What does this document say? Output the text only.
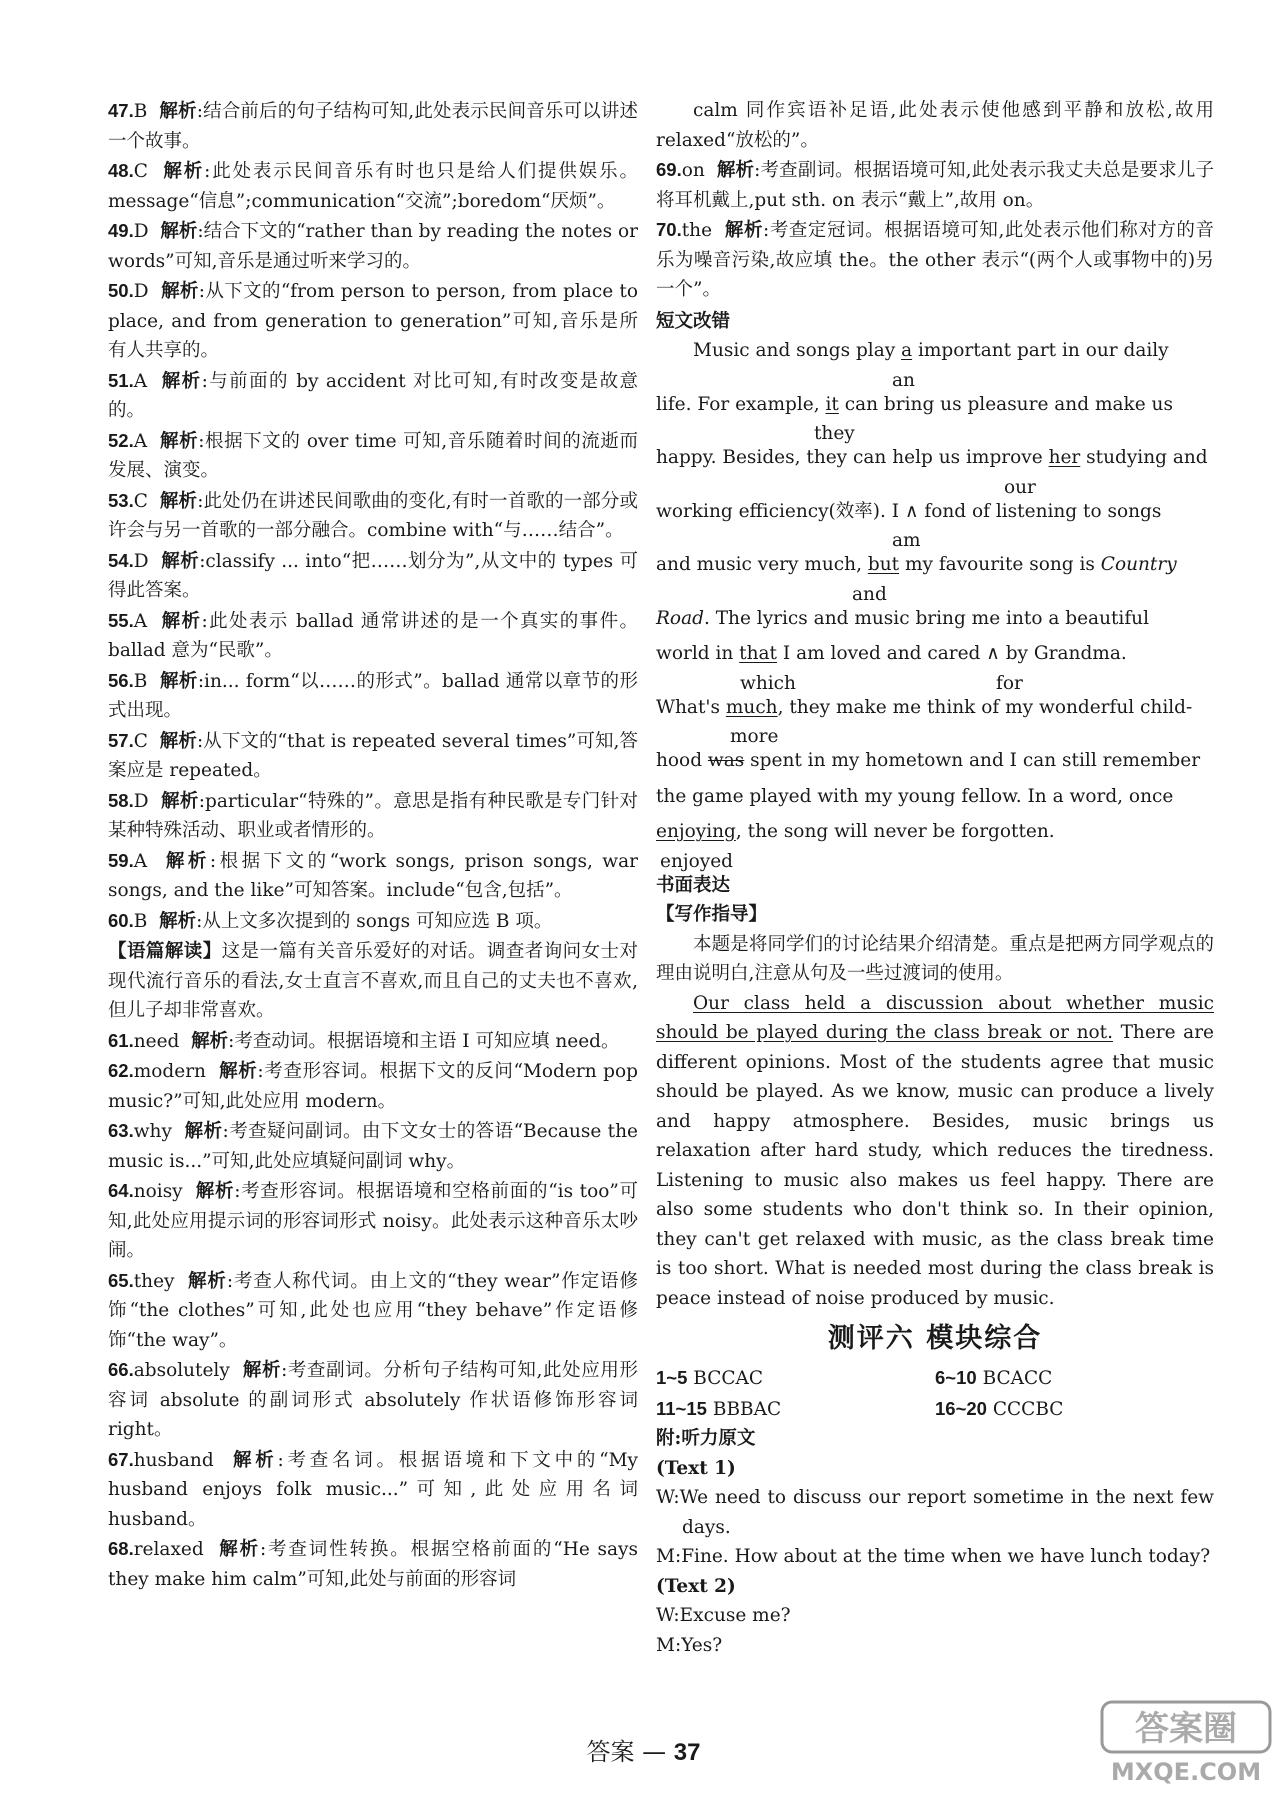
47.B 解析:结合前后的句子结构可知,此处表示民间音乐可以讲述一个故事。

48.C 解析:此处表示民间音乐有时也只是给人们提供娱乐。message“信息”;communication“交流”;boredom“厌烦”。

49.D 解析:结合下文的“rather than by reading the notes or words”可知,音乐是通过听来学习的。

50.D 解析:从下文的“from person to person, from place to place, and from generation to generation”可知,音乐是所有人共享的。

51.A 解析:与前面的 by accident 对比可知,有时改变是故意的。

52.A 解析:根据下文的 over time 可知,音乐随着时间的流逝而发展、演变。

53.C 解析:此处仍在讲述民间歌曲的变化,有时一首歌的一部分或许会与另一首歌的一部分融合。combine with“与……结合”。

54.D 解析:classify ... into“把……划分为”,从文中的 types 可得此答案。

55.A 解析:此处表示 ballad 通常讲述的是一个真实的事件。ballad 意为“民歌”。

56.B 解析:in... form“以……的形式”。ballad 通常以章节的形式出现。

57.C 解析:从下文的“that is repeated several times”可知,答案应是 repeated。

58.D 解析:particular“特殊的”。意思是指有种民歌是专门针对某种特殊活动、职业或者情形的。

59.A 解析:根据下文的“work songs, prison songs, war songs, and the like”可知答案。include“包含,包括”。

60.B 解析:从上文多次提到的 songs 可知应选 B 项。

【语篇解读】这是一篇有关音乐爱好的对话。调查者询问女士对现代流行音乐的看法,女士直言不喜欢,而且自己的丈夫也不喜欢,但儿子却非常喜欢。

61.need 解析:考查动词。根据语境和主语 I 可知应填 need。

62.modern 解析:考查形容词。根据下文的反问“Modern pop music?”可知,此处应用 modern。

63.why 解析:考查疑问副词。由下文女士的答语“Because the music is...”可知,此处应填疑问副词 why。

64.noisy 解析:考查形容词。根据语境和空格前面的“is too”可知,此处应用提示词的形容词形式 noisy。此处表示这种音乐太吵闹。

65.they 解析:考查人称代词。由上文的“they wear”作定语修饰“the clothes”可知,此处也应用“they behave”作定语修饰“the way”。

66.absolutely 解析:考查副词。分析句子结构可知,此处应用形容词 absolute 的副词形式 absolutely 作状语修饰形容词 right。

67.husband 解析:考查名词。根据语境和下文中的“My husband enjoys folk music...”可知,此处应用名词 husband。

68.relaxed 解析:考查词性转换。根据空格前面的“He says they make him calm”可知,此处与前面的形容词

calm 同作宾语补足语,此处表示使他感到平静和放松,故用 relaxed“放松的”。

69.on 解析:考查副词。根据语境可知,此处表示我丈夫总是要求儿子将耳机戴上,put sth. on 表示“戴上”,故用 on。

70.the 解析:考查定冠词。根据语境可知,此处表示他们称对方的音乐为噪音污染,故应填 the。the other 表示“(两个人或事物中的)另一个”。

短文改错

Music and songs play a important part in our daily

an

life. For example, it can bring us pleasure and make us

they

happy. Besides, they can help us improve her studying and

our

working efficiency(效率). I ∧ fond of listening to songs

am

and music very much, but my favourite song is Country

and

Road. The lyrics and music bring me into a beautiful

world in that I am loved and cared ∧ by Grandma.

which	for

What's much, they make me think of my wonderful child-

more

hood was spent in my hometown and I can still remember

the game played with my young fellow. In a word, once

enjoying, the song will never be forgotten.

enjoyed

书面表达

【写作指导】

本题是将同学们的讨论结果介绍清楚。重点是把两方同学观点的理由说明白,注意从句及一些过渡词的使用。

Our class held a discussion about whether music should be played during the class break or not. There are different opinions. Most of the students agree that music should be played. As we know, music can produce a lively and happy atmosphere. Besides, music brings us relaxation after hard study, which reduces the tiredness. Listening to music also makes us feel happy. There are also some students who don't think so. In their opinion, they can't get relaxed with music, as the class break time is too short. What is needed most during the class break is peace instead of noise produced by music.

测评六 模块综合

1~5 BCCAC	6~10 BCACC

11~15 BBBAC	16~20 CCCBC

附:听力原文

(Text 1)

W:We need to discuss our report sometime in the next few days.

M:Fine. How about at the time when we have lunch today?

(Text 2)

W:Excuse me?

M:Yes?

答案 — 37
答案圈
MXQE.COM
